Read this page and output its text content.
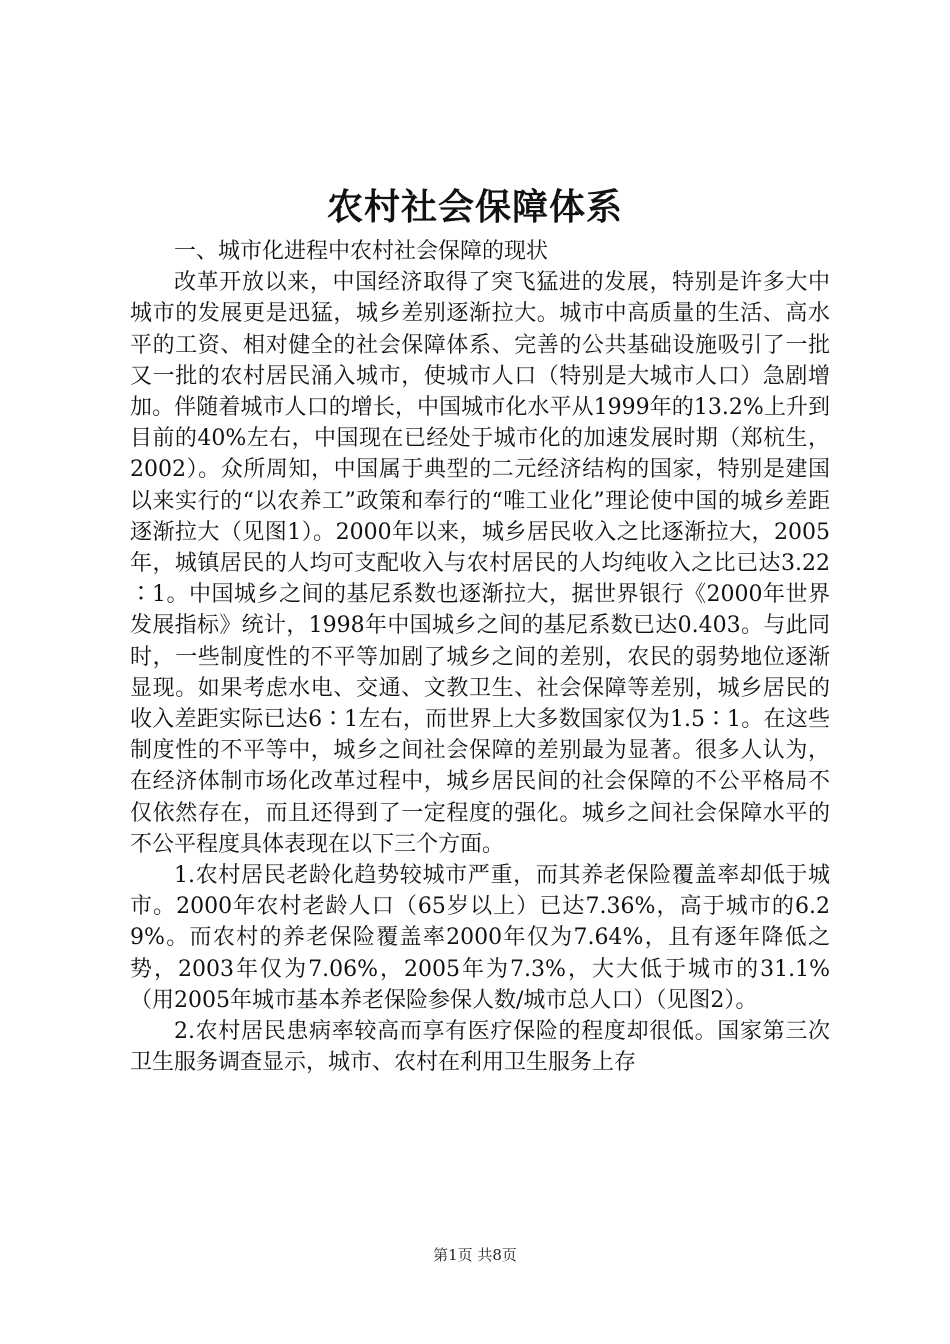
农村社会保障体系

一、城市化进程中农村社会保障的现状

改革开放以来，中国经济取得了突飞猛进的发展，特别是许多大中城市的发展更是迅猛，城乡差别逐渐拉大。城市中高质量的生活、高水平的工资、相对健全的社会保障体系、完善的公共基础设施吸引了一批又一批的农村居民涌入城市，使城市人口（特别是大城市人口）急剧增加。伴随着城市人口的增长，中国城市化水平从1999年的13.2%上升到目前的40%左右，中国现在已经处于城市化的加速发展时期（郑杭生，2002）。众所周知，中国属于典型的二元经济结构的国家，特别是建国以来实行的“以农养工”政策和奉行的“唯工业化”理论使中国的城乡差距逐渐拉大（见图1）。2000年以来，城乡居民收入之比逐渐拉大，2005年，城镇居民的人均可支配收入与农村居民的人均纯收入之比已达3.22∶1。中国城乡之间的基尼系数也逐渐拉大，据世界银行《2000年世界发展指标》统计，1998年中国城乡之间的基尼系数已达0.403。与此同时，一些制度性的不平等加剧了城乡之间的差别，农民的弱势地位逐渐显现。如果考虑水电、交通、文教卫生、社会保障等差别，城乡居民的收入差距实际已达6∶1左右，而世界上大多数国家仅为1.5∶1。在这些制度性的不平等中，城乡之间社会保障的差别最为显著。很多人认为，在经济体制市场化改革过程中，城乡居民间的社会保障的不公平格局不仅依然存在，而且还得到了一定程度的强化。城乡之间社会保障水平的不公平程度具体表现在以下三个方面。

1.农村居民老龄化趋势较城市严重，而其养老保险覆盖率却低于城市。2000年农村老龄人口（65岁以上）已达7.36%，高于城市的6.29%。而农村的养老保险覆盖率2000年仅为7.64%，且有逐年降低之势，2003年仅为7.06%，2005年为7.3%，大大低于城市的31.1%（用2005年城市基本养老保险参保人数/城市总人口）（见图2）。

2.农村居民患病率较高而享有医疗保险的程度却很低。国家第三次卫生服务调查显示，城市、农村在利用卫生服务上存

第1页 共8页
